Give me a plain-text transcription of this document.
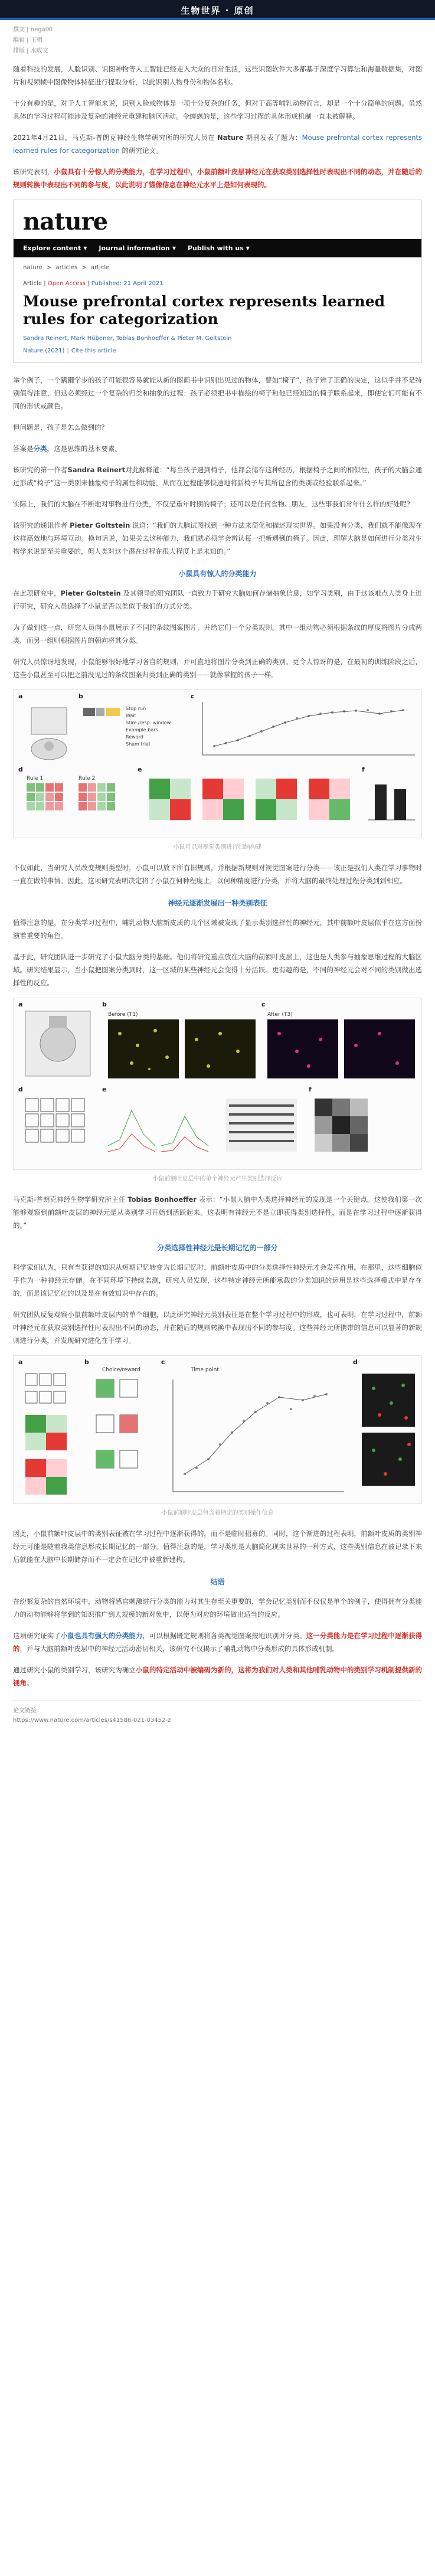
生物世界 · 原创
撰文 | negaiXi
编辑 | 王朝
排版 | 水成文

随着科技的发展，人脸识别、识图神物等人工智能已经走入大众的日常生活，这些识图软件大多都基于深度学习算法和海量数据集，对图片和视频帧中图像物体特征进行提取分析，以此识别人物身份和物体名称。

十分有趣的是，对于人工智能来说，识别人脸或物体是一项十分复杂的任务，但对于高等哺乳动物而言，却是一个十分简单的问题。虽然具体的学习过程可能涉及复杂的神经元重建和脑区活动。令缠惑的是，这些学习过程的具体形成机制一直未被解释。

2021年4月21日，马克斯-普朗克神经生物学研究所的研究人员在 Nature 期刊发表了题为：Mouse prefrontal cortex represents learned rules for categorization 的研究论文。

该研究表明，小鼠具有十分惊人的分类能力，在学习过程中，小鼠前额叶皮层神经元在获取类别选择性时表现出不同的动态，并在随后的规则转换中表现出不同的参与度，以此说明了锚像信息在神经元水平上是如何表现的。

nature
Explore content ▼ Journal information ▼ Publish with us ▼
nature > articles > article
Article | Open Access | Published: 21 April 2021
Mouse prefrontal cortex represents learned rules for categorization
Sandra Reinert, Mark Hübener, Tobias Bonhoeffer & Pieter M. Goltstein
Nature (2021) | Cite this article

举个例子，一个蹒跚学步的孩子可能很容易就能从新的图画书中识别出见过的物体，譬如“椅子”，孩子辨了正确的决定，这似乎并不是特别值得注意，但这必须经过一个复杂的归类和抽象的过程：孩子必须把书中描绘的椅子和他已经知道的椅子联系起来，即使它们可能有不同的形状或颜色。

但问题是，孩子是怎么做到的？

答案是分类，这是思维的基本要素。

该研究的第一作者Sandra Reinert对此解释道：“每当孩子遇到椅子，他都会储存这种经历，根据椅子之间的相似性，孩子的大脑会通过形成“椅子”这一类别来抽象椅子的属性和功能，从而在过程能够快速地将新椅子与其所包含的类别或经验联系起来。”

实际上，我们的大脑在不断地对事物进行分类，不仅是重年时期的椅子；还可以是任何食物、朋友，这些事我们常年什么样的好处呢？

该研究的通讯作者 Pieter Goltstein 说道：“我们的大脑试图找到一种方法来简化和描述现实世界。如果没有分类，我们就不能像现在这样高效地与环境互动。换句话说，如果关去这种能力，我们就必须学会辨认每一把新遇到的椅子。因此，理解大脑是如何进行分类对生物学来说是至关重要的，但人类对这个潜在过程在很大程度上是未知的。”

小鼠具有惊人的分类能力

在此项研究中，Pieter Goltstein 及其领导的研究团队一直致力于研究大脑如何存储抽象信息，如学习类别，由于这该难点人类身上进行研究，研究人员选择了小鼠是否以类似于我们的方式分类。

为了做到这一点，研究人员向小鼠展示了不同的条纹图案图片，并给它们一个分类规则。其中一组动物必须根据条纹的厚度将图片分成两类，而另一组则根据图片的朝向将其分类。

研究人员惊讶地发现，小鼠能够很好地学习各自的规则，并可直地将图片分类到正确的类别。更令人惊讶的是，在最初的训练阶段之后，这些小鼠甚至可以把之前没见过的条纹图案归类到正确的类别——就像掌握的孩子一样。

a	b
Stop run
Wait
Stim./resp. window
Example bars
Reward
Sham trial
c
d
Rule 1	Rule 2
e	f
小鼠可以对视觉类别进行归纳构建

不仅如此，当研究人员改变规则类型时，小鼠可以放下所有旧规则，并根据新规则对视觉图案进行分类——该正是我们人类在学习事物时一直在做的事情。因此，这项研究表明决定将了小鼠在何种程度上，以何种精度进行分类，并将大脑的最终处理过程分类到到相应。

神经元逐渐发展出一种类别表征

值得注意的是，在分类学习过程中，哺乳动物大脑新皮质的几个区域被发现了显示类别选择性的神经元，其中前额叶皮层似乎在这方面扮演着重要的角色。

基于此，研究团队进一步研究了小鼠大脑分类的基础。他们将研究重点放在大脑的前额叶皮层上，这也是人类参与抽象思维过程的大脑区域。研究结果显示，当小鼠把图案分类到时，这一区域的某些神经元会变得十分活跃。更有趣的是，不同的神经元会对不同的类别做出选择性的反应。

a	b
Before (T1)
c
After (T3)
d	e	f
小鼠前额叶皮层中的单个神经元产生类别选择反应

马克斯-普朗克神经生物学研究所主任 Tobias Bonhoeffer 表示：“小鼠大脑中为类选择神经元的发现是一个关键点。这使我们第一次能够观察到前额叶皮层的神经元是从类别学习开始到活跃起来。这表明有神经元不是立即获得类别选择性，而是在学习过程中逐渐获得的。”

分类选择性神经元是长期记忆的一部分

科学家们认为，只有当获得的知识从短期记忆转变为长期记忆时，前额叶皮质中的分类选择性神经元才会发挥作用。在那里，这些细胞似乎作为一种神经元存储。在不同环境下持续监测，研究人员发现，这些特定神经元所能承载的分类知识的运用是这些选择模式中是存在的，而是该记忆化的以及是在有效知识中存在的。

研究团队反复观察小鼠前额叶皮层内的单个细胞，以此研究神经元类别表征是在整个学习过程中的形成，也可表明，在学习过程中，前额叶神经元在获取类别选择性时表现出不同的动态，并在随后的规则转换中表现出不同的参与度。这些神经元所携带的信息可以显著的新规则进行分类，并发现研究进化在于学习。

a	b
Choice/reward
c
Time point
d
小鼠前额叶皮层包含着特定的类别操作信息

因此，小鼠前额叶皮层中的类别表征被在学习过程中逐渐获得的，而不是临时招募的。同时，这个渐进的过程表明，前额叶皮质的类别神经元可能是随着我类信息形成长期记忆的一部分。值得注意的是，学习类别是大脑简化现实世界的一种方式，这些类别信息在被记录下来后就能在大脑中长期储存而不一定会在记忆中被重新建构。

结语

在纷繁复杂的自然环境中，动物将感官刺激进行分类的能力对其生存至关重要的，学会记忆类别而不仅仅是单个的例子，使得拥有分类能力的动物能够将学到的知识推广到大规模的新对象中，以便为对应的环境做出适当的反应。

这项研究证实了小鼠也具有强大的分类能力，可以根据既定规则将各类视觉图案按地识别并分类。这一分类能力是在学习过程中逐渐获得的，并与大脑前额叶皮层中的神经元活动密切相关，该研究不仅揭示了哺乳动物中分类形成的具体形成机制。

通过研究小鼠的类别学习，该研究为确立小鼠的特定活动中被编码为新的，这将为我们对人类和其他哺乳动物中的类别学习机制提供新的视角。

论文链接：
https://www.nature.com/articles/s41586-021-03452-z
